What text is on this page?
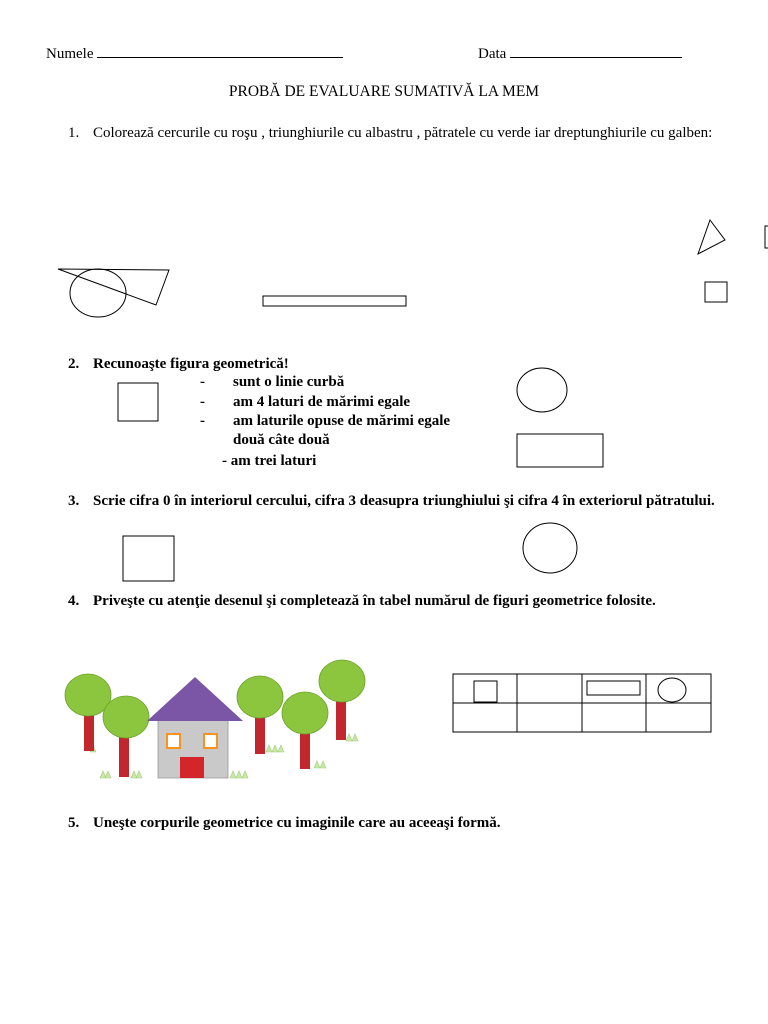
Numele	Data
PROBĂ DE EVALUARE SUMATIVĂ LA MEM
1. Colorează cercurile cu roşu , triunghiurile cu albastru , pătratele cu verde iar dreptunghiurile cu galben:
2. Recunoaşte figura geometrică!
- sunt o linie curbă
- am 4 laturi de mărimi egale
- am laturile opuse de mărimi egale
două câte două
- am trei laturi
3. Scrie cifra 0 în interiorul cercului, cifra 3 deasupra triunghiului şi cifra 4 în exteriorul pătratului.
4. Priveşte cu atenţie desenul şi completează în tabel numărul de figuri geometrice folosite.
5. Uneşte corpurile geometrice cu imaginile care au aceeaşi formă.
